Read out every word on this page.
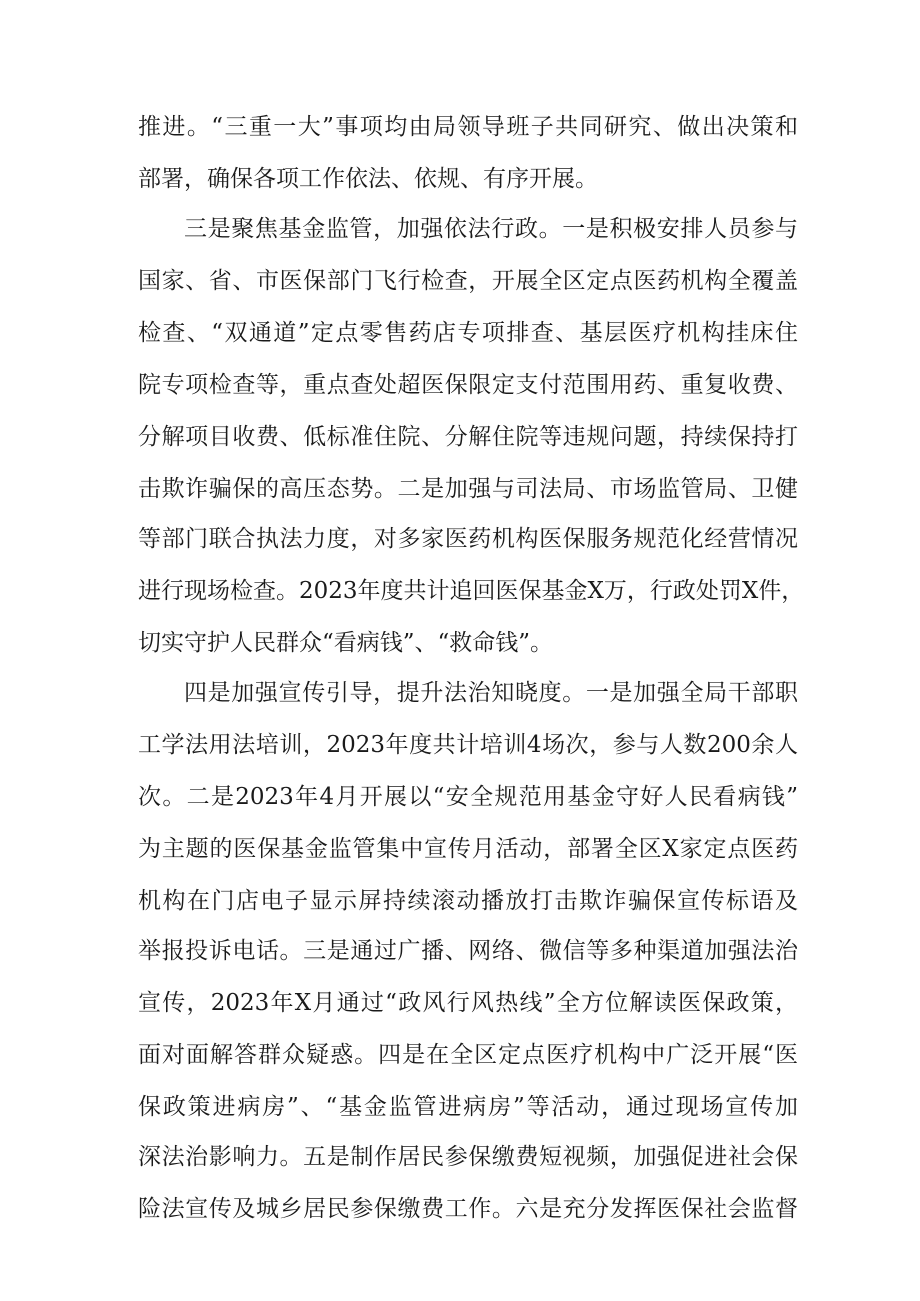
推进。“三重一大”事项均由局领导班子共同研究、做出决策和
部署，确保各项工作依法、依规、有序开展。
三是聚焦基金监管，加强依法行政。一是积极安排人员参与
国家、省、市医保部门飞行检查，开展全区定点医药机构全覆盖
检查、“双通道”定点零售药店专项排查、基层医疗机构挂床住
院专项检查等，重点查处超医保限定支付范围用药、重复收费、
分解项目收费、低标准住院、分解住院等违规问题，持续保持打
击欺诈骗保的高压态势。二是加强与司法局、市场监管局、卫健
等部门联合执法力度，对多家医药机构医保服务规范化经营情况
进行现场检查。2023年度共计追回医保基金X万，行政处罚X件，
切实守护人民群众“看病钱”、“救命钱”。
四是加强宣传引导，提升法治知晓度。一是加强全局干部职
工学法用法培训，2023年度共计培训4场次，参与人数200余人
次。二是2023年4月开展以“安全规范用基金守好人民看病钱”
为主题的医保基金监管集中宣传月活动，部署全区X家定点医药
机构在门店电子显示屏持续滚动播放打击欺诈骗保宣传标语及
举报投诉电话。三是通过广播、网络、微信等多种渠道加强法治
宣传，2023年X月通过“政风行风热线”全方位解读医保政策，
面对面解答群众疑惑。四是在全区定点医疗机构中广泛开展“医
保政策进病房”、“基金监管进病房”等活动，通过现场宣传加
深法治影响力。五是制作居民参保缴费短视频，加强促进社会保
险法宣传及城乡居民参保缴费工作。六是充分发挥医保社会监督
